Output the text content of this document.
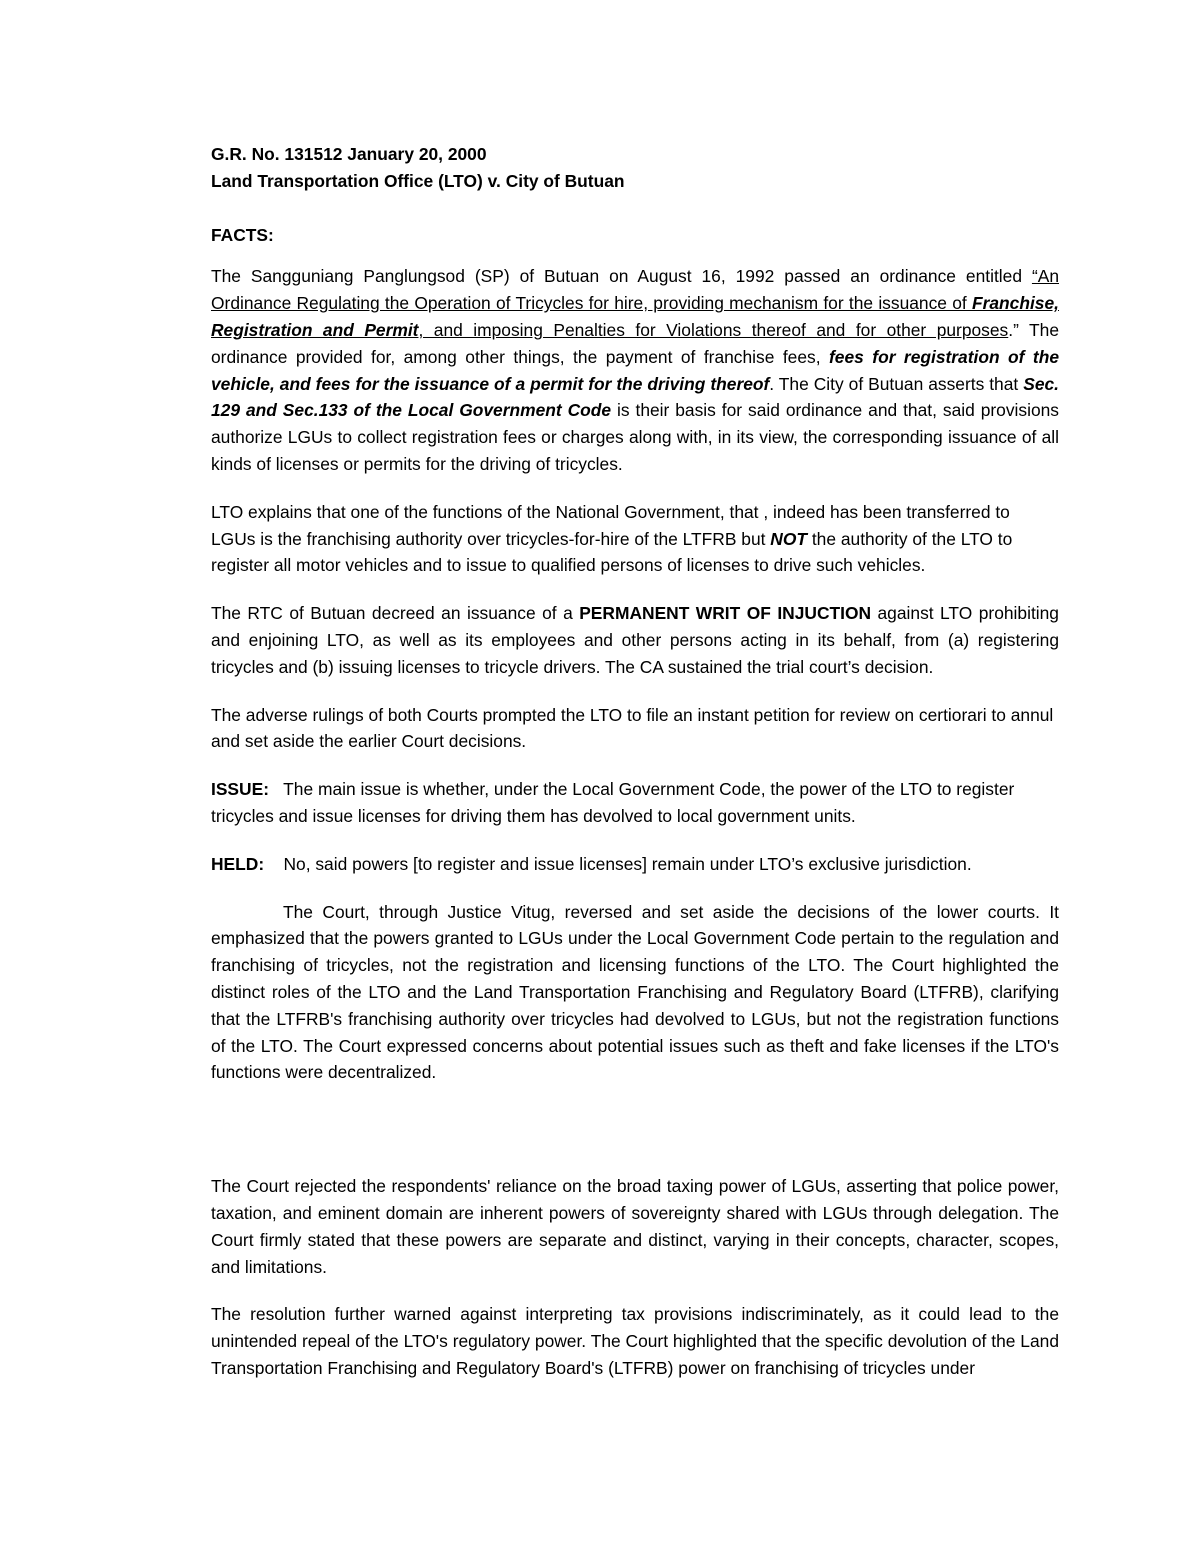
G.R. No. 131512 January 20, 2000
Land Transportation Office (LTO) v. City of Butuan
FACTS:

The Sangguniang Panglungsod (SP) of Butuan on August 16, 1992 passed an ordinance entitled “An Ordinance Regulating the Operation of Tricycles for hire, providing mechanism for the issuance of Franchise, Registration and Permit, and imposing Penalties for Violations thereof and for other purposes.” The ordinance provided for, among other things, the payment of franchise fees, fees for registration of the vehicle, and fees for the issuance of a permit for the driving thereof. The City of Butuan asserts that Sec. 129 and Sec.133 of the Local Government Code is their basis for said ordinance and that, said provisions authorize LGUs to collect registration fees or charges along with, in its view, the corresponding issuance of all kinds of licenses or permits for the driving of tricycles.

LTO explains that one of the functions of the National Government, that , indeed has been transferred to LGUs is the franchising authority over tricycles-for-hire of the LTFRB but NOT the authority of the LTO to register all motor vehicles and to issue to qualified persons of licenses to drive such vehicles.

The RTC of Butuan decreed an issuance of a PERMANENT WRIT OF INJUCTION against LTO prohibiting and enjoining LTO, as well as its employees and other persons acting in its behalf, from (a) registering tricycles and (b) issuing licenses to tricycle drivers. The CA sustained the trial court’s decision.

The adverse rulings of both Courts prompted the LTO to file an instant petition for review on certiorari to annul and set aside the earlier Court decisions.

ISSUE:   The main issue is whether, under the Local Government Code, the power of the LTO to register tricycles and issue licenses for driving them has devolved to local government units.

HELD:    No, said powers [to register and issue licenses] remain under LTO’s exclusive jurisdiction.

The Court, through Justice Vitug, reversed and set aside the decisions of the lower courts. It emphasized that the powers granted to LGUs under the Local Government Code pertain to the regulation and franchising of tricycles, not the registration and licensing functions of the LTO. The Court highlighted the distinct roles of the LTO and the Land Transportation Franchising and Regulatory Board (LTFRB), clarifying that the LTFRB's franchising authority over tricycles had devolved to LGUs, but not the registration functions of the LTO. The Court expressed concerns about potential issues such as theft and fake licenses if the LTO's functions were decentralized.

The Court rejected the respondents' reliance on the broad taxing power of LGUs, asserting that police power, taxation, and eminent domain are inherent powers of sovereignty shared with LGUs through delegation. The Court firmly stated that these powers are separate and distinct, varying in their concepts, character, scopes, and limitations.

The resolution further warned against interpreting tax provisions indiscriminately, as it could lead to the unintended repeal of the LTO's regulatory power. The Court highlighted that the specific devolution of the Land Transportation Franchising and Regulatory Board's (LTFRB) power on franchising of tricycles under
